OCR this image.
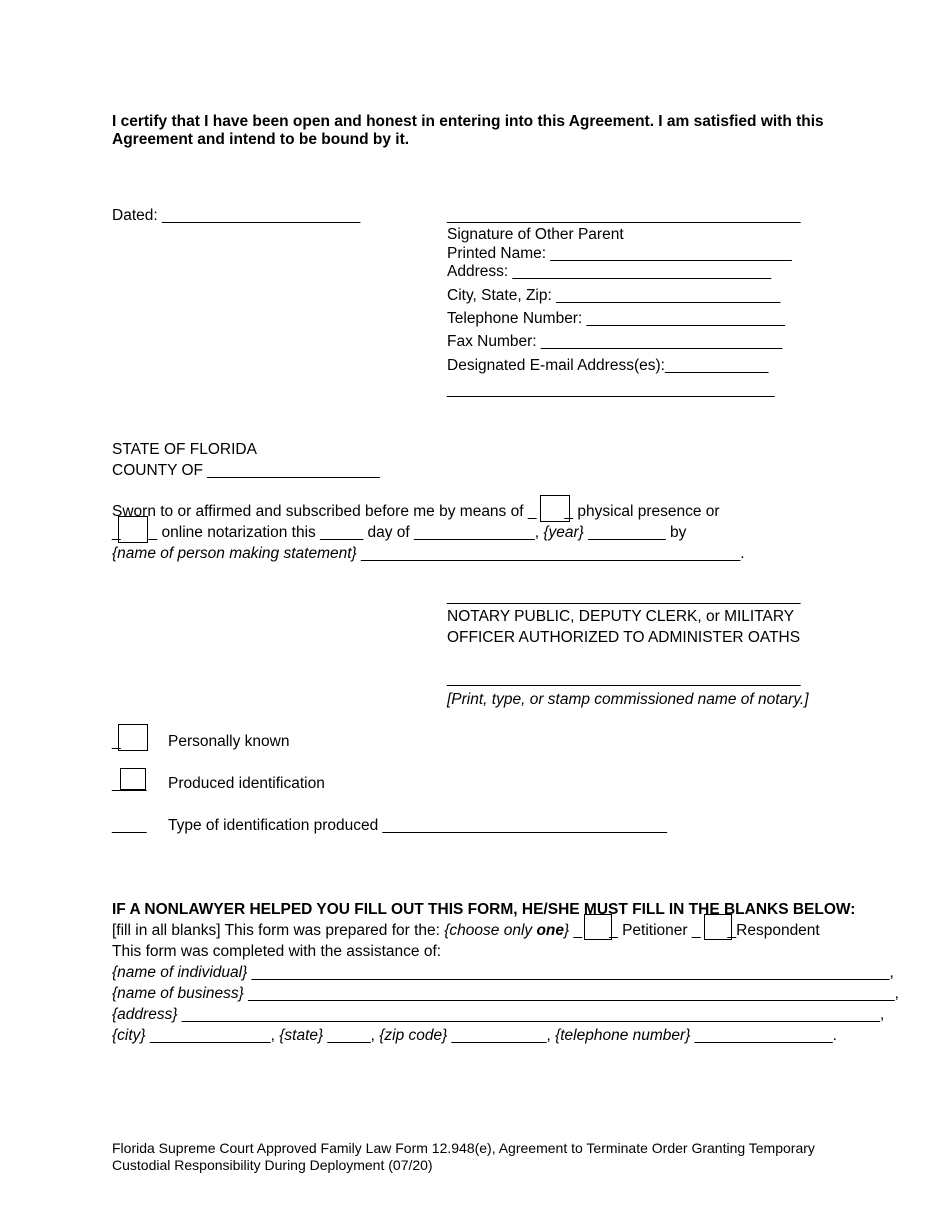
I certify that I have been open and honest in entering into this Agreement. I am satisfied with this
Agreement and intend to be bound by it.
Dated: _______________________	_________________________________________
Signature of Other Parent
Printed Name: ____________________________
Address: ______________________________
City, State, Zip: __________________________
Telephone Number: _______________________
Fax Number: ____________________________
Designated E-mail Address(es):____________
______________________________________
STATE OF FLORIDA
COUNTY OF ____________________
Sworn to or affirmed and subscribed before me by means of _ _ physical presence or
_ _ online notarization this _____ day of ______________, {year} _________ by
{name of person making statement} ____________________________________________.
_________________________________________
NOTARY PUBLIC, DEPUTY CLERK, or MILITARY
OFFICER AUTHORIZED TO ADMINISTER OATHS
_________________________________________
[Print, type, or stamp commissioned name of notary.]
_	Personally known
____ Produced identification
____ Type of identification produced _________________________________
IF A NONLAWYER HELPED YOU FILL OUT THIS FORM, HE/SHE MUST FILL IN THE BLANKS BELOW:
[fill in all blanks] This form was prepared for the: {choose only one} _ _ Petitioner _ _Respondent
This form was completed with the assistance of:
{name of individual} __________________________________________________________________________,
{name of business} ___________________________________________________________________________,
{address} _________________________________________________________________________________,
{city} ______________, {state} _____, {zip code} ___________, {telephone number} ________________.
Florida Supreme Court Approved Family Law Form 12.948(e), Agreement to Terminate Order Granting Temporary
Custodial Responsibility During Deployment (07/20)
